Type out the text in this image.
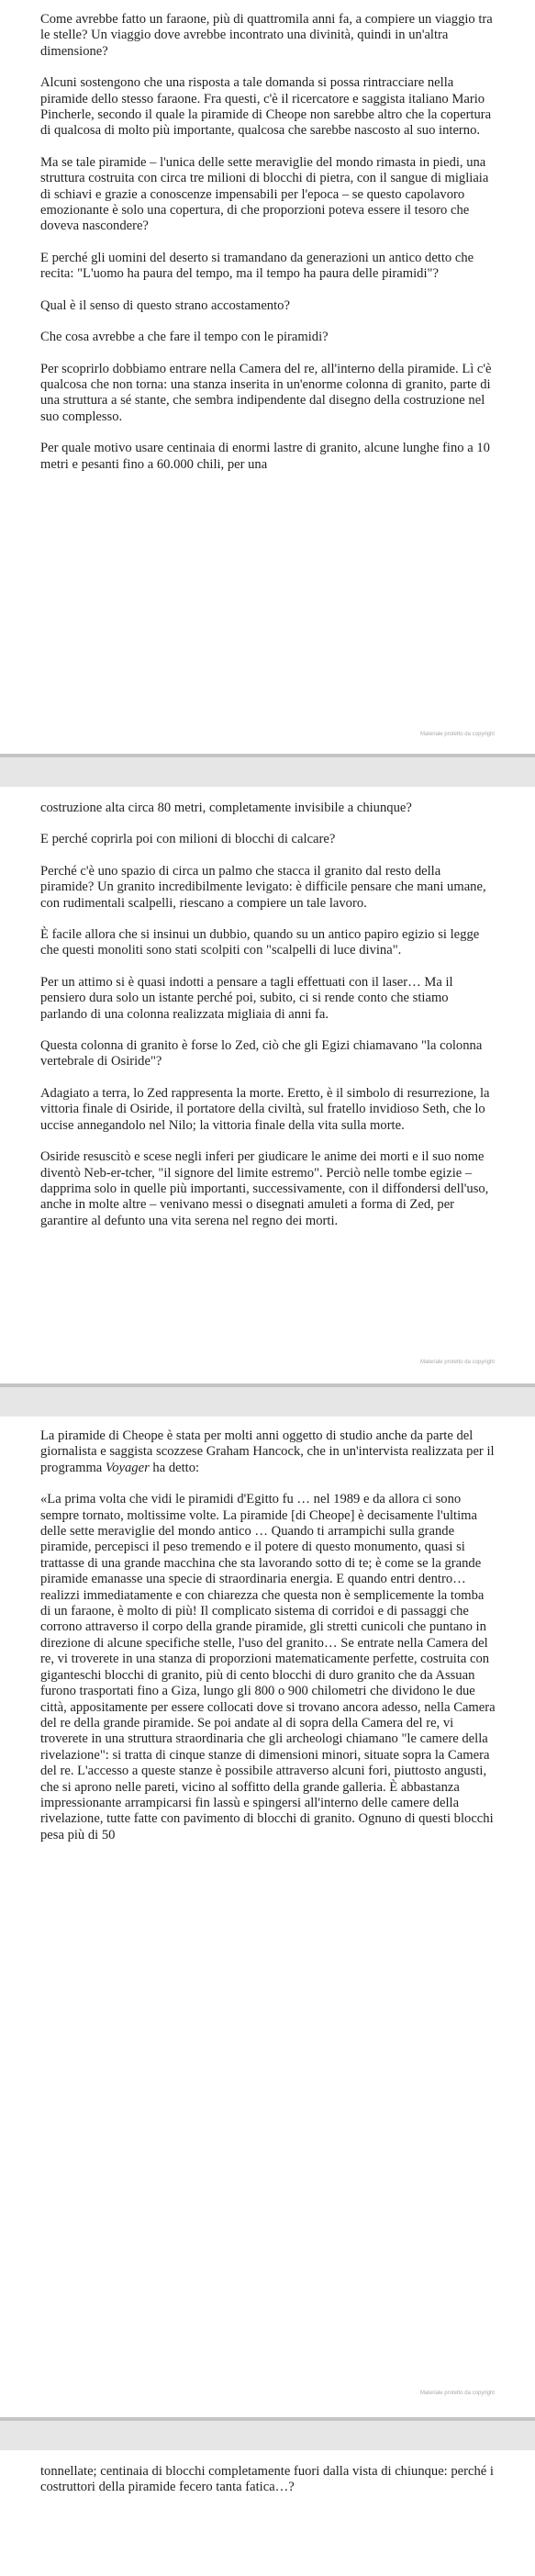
Come avrebbe fatto un faraone, più di quattromila anni fa, a compiere un viaggio tra le stelle? Un viaggio dove avrebbe incontrato una divinità, quindi in un'altra dimensione?

Alcuni sostengono che una risposta a tale domanda si possa rintracciare nella piramide dello stesso faraone. Fra questi, c'è il ricercatore e saggista italiano Mario Pincherle, secondo il quale la piramide di Cheope non sarebbe altro che la copertura di qualcosa di molto più importante, qualcosa che sarebbe nascosto al suo interno.

Ma se tale piramide – l'unica delle sette meraviglie del mondo rimasta in piedi, una struttura costruita con circa tre milioni di blocchi di pietra, con il sangue di migliaia di schiavi e grazie a conoscenze impensabili per l'epoca – se questo capolavoro emozionante è solo una copertura, di che proporzioni poteva essere il tesoro che doveva nascondere?

E perché gli uomini del deserto si tramandano da generazioni un antico detto che recita: "L'uomo ha paura del tempo, ma il tempo ha paura delle piramidi"?

Qual è il senso di questo strano accostamento?

Che cosa avrebbe a che fare il tempo con le piramidi?

Per scoprirlo dobbiamo entrare nella Camera del re, all'interno della piramide. Lì c'è qualcosa che non torna: una stanza inserita in un'enorme colonna di granito, parte di una struttura a sé stante, che sembra indipendente dal disegno della costruzione nel suo complesso.

Per quale motivo usare centinaia di enormi lastre di granito, alcune lunghe fino a 10 metri e pesanti fino a 60.000 chili, per una

Materiale protetto da copyright

costruzione alta circa 80 metri, completamente invisibile a chiunque?

E perché coprirla poi con milioni di blocchi di calcare?

Perché c'è uno spazio di circa un palmo che stacca il granito dal resto della piramide? Un granito incredibilmente levigato: è difficile pensare che mani umane, con rudimentali scalpelli, riescano a compiere un tale lavoro.

È facile allora che si insinui un dubbio, quando su un antico papiro egizio si legge che questi monoliti sono stati scolpiti con "scalpelli di luce divina".

Per un attimo si è quasi indotti a pensare a tagli effettuati con il laser… Ma il pensiero dura solo un istante perché poi, subito, ci si rende conto che stiamo parlando di una colonna realizzata migliaia di anni fa.

Questa colonna di granito è forse lo Zed, ciò che gli Egizi chiamavano "la colonna vertebrale di Osiride"?

Adagiato a terra, lo Zed rappresenta la morte. Eretto, è il simbolo di resurrezione, la vittoria finale di Osiride, il portatore della civiltà, sul fratello invidioso Seth, che lo uccise annegandolo nel Nilo; la vittoria finale della vita sulla morte.

Osiride resuscitò e scese negli inferi per giudicare le anime dei morti e il suo nome diventò Neb-er-tcher, "il signore del limite estremo". Perciò nelle tombe egizie – dapprima solo in quelle più importanti, successivamente, con il diffondersi dell'uso, anche in molte altre – venivano messi o disegnati amuleti a forma di Zed, per garantire al defunto una vita serena nel regno dei morti.

Materiale protetto da copyright

La piramide di Cheope è stata per molti anni oggetto di studio anche da parte del giornalista e saggista scozzese Graham Hancock, che in un'intervista realizzata per il programma Voyager ha detto:

«La prima volta che vidi le piramidi d'Egitto fu … nel 1989 e da allora ci sono sempre tornato, moltissime volte. La piramide [di Cheope] è decisamente l'ultima delle sette meraviglie del mondo antico … Quando ti arrampichi sulla grande piramide, percepisci il peso tremendo e il potere di questo monumento, quasi si trattasse di una grande macchina che sta lavorando sotto di te; è come se la grande piramide emanasse una specie di straordinaria energia. E quando entri dentro… realizzi immediatamente e con chiarezza che questa non è semplicemente la tomba di un faraone, è molto di più! Il complicato sistema di corridoi e di passaggi che corrono attraverso il corpo della grande piramide, gli stretti cunicoli che puntano in direzione di alcune specifiche stelle, l'uso del granito… Se entrate nella Camera del re, vi troverete in una stanza di proporzioni matematicamente perfette, costruita con giganteschi blocchi di granito, più di cento blocchi di duro granito che da Assuan furono trasportati fino a Giza, lungo gli 800 o 900 chilometri che dividono le due città, appositamente per essere collocati dove si trovano ancora adesso, nella Camera del re della grande piramide. Se poi andate al di sopra della Camera del re, vi troverete in una struttura straordinaria che gli archeologi chiamano "le camere della rivelazione": si tratta di cinque stanze di dimensioni minori, situate sopra la Camera del re. L'accesso a queste stanze è possibile attraverso alcuni fori, piuttosto angusti, che si aprono nelle pareti, vicino al soffitto della grande galleria. È abbastanza impressionante arrampicarsi fin lassù e spingersi all'interno delle camere della rivelazione, tutte fatte con pavimento di blocchi di granito. Ognuno di questi blocchi pesa più di 50

Materiale protetto da copyright

tonnellate; centinaia di blocchi completamente fuori dalla vista di chiunque: perché i costruttori della piramide fecero tanta fatica…?
